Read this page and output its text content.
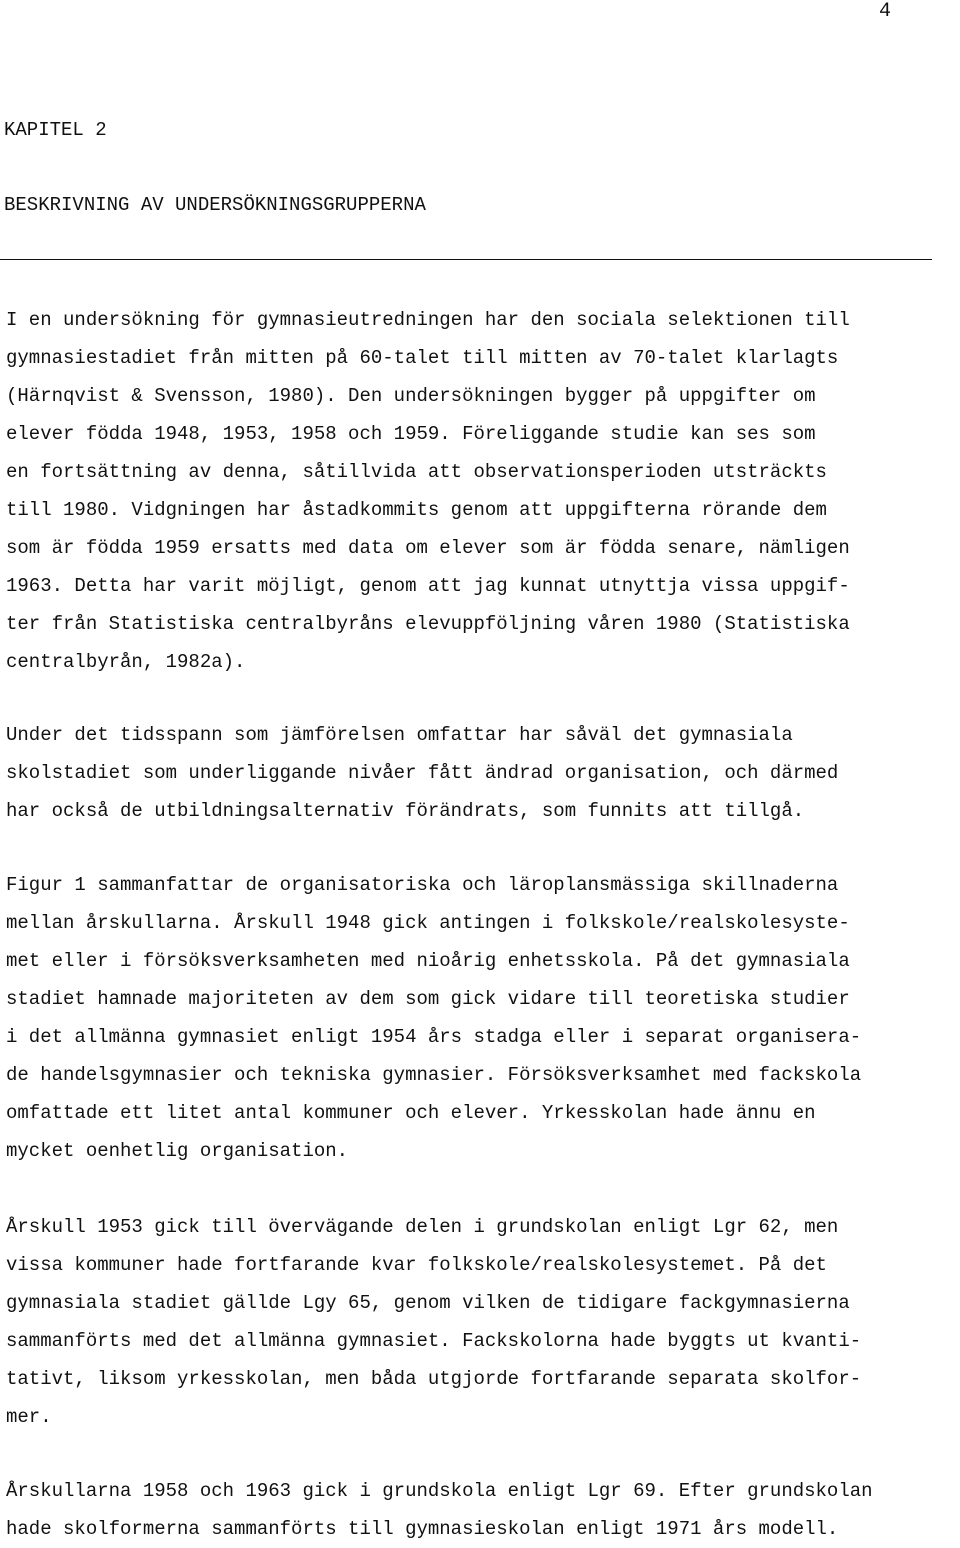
4
KAPITEL 2
BESKRIVNING AV UNDERSÖKNINGSGRUPPERNA
I en undersökning för gymnasieutredningen har den sociala selektionen till
gymnasiestadiet från mitten på 60-talet till mitten av 70-talet klarlagts
(Härnqvist & Svensson, 1980). Den undersökningen bygger på uppgifter om
elever födda 1948, 1953, 1958 och 1959. Föreliggande studie kan ses som
en fortsättning av denna, såtillvida att observationsperioden utsträckts
till 1980. Vidgningen har åstadkommits genom att uppgifterna rörande dem
som är födda 1959 ersatts med data om elever som är födda senare, nämligen
1963. Detta har varit möjligt, genom att jag kunnat utnyttja vissa uppgif-
ter från Statistiska centralbyråns elevuppföljning våren 1980 (Statistiska
centralbyrån, 1982a).
Under det tidsspann som jämförelsen omfattar har såväl det gymnasiala
skolstadiet som underliggande nivåer fått ändrad organisation, och därmed
har också de utbildningsalternativ förändrats, som funnits att tillgå.
Figur 1 sammanfattar de organisatoriska och läroplansmässiga skillnaderna
mellan årskullarna. Årskull 1948 gick antingen i folkskole/realskolesyste-
met eller i försöksverksamheten med nioårig enhetsskola. På det gymnasiala
stadiet hamnade majoriteten av dem som gick vidare till teoretiska studier
i det allmänna gymnasiet enligt 1954 års stadga eller i separat organisera-
de handelsgymnasier och tekniska gymnasier. Försöksverksamhet med fackskola
omfattade ett litet antal kommuner och elever. Yrkesskolan hade ännu en
mycket oenhetlig organisation.
Årskull 1953 gick till övervägande delen i grundskolan enligt Lgr 62, men
vissa kommuner hade fortfarande kvar folkskole/realskolesystemet. På det
gymnasiala stadiet gällde Lgy 65, genom vilken de tidigare fackgymnasierna
sammanförts med det allmänna gymnasiet. Fackskolorna hade byggts ut kvanti-
tativt, liksom yrkesskolan, men båda utgjorde fortfarande separata skolfor-
mer.
Årskullarna 1958 och 1963 gick i grundskola enligt Lgr 69. Efter grundskolan
hade skolformerna sammanförts till gymnasieskolan enligt 1971 års modell.
